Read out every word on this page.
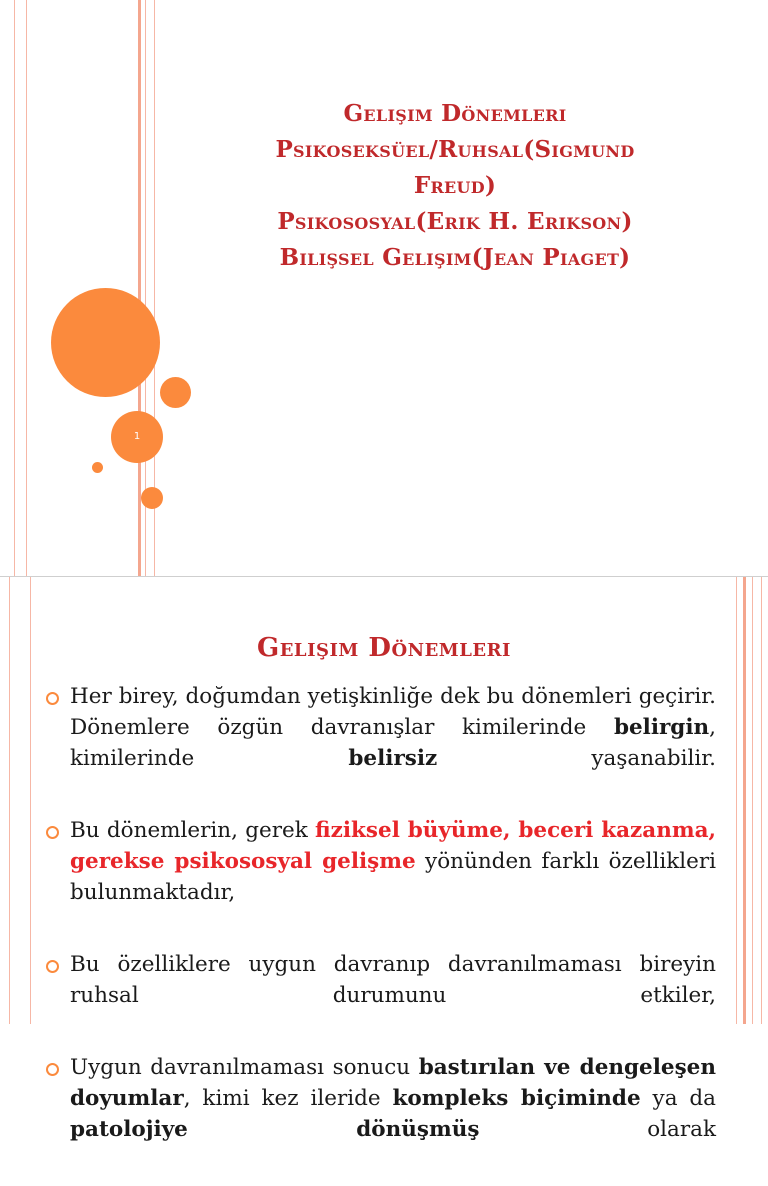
1
Gelişim Dönemleri
Psikoseksüel/Ruhsal(Sigmund
Freud)
Psikososyal(Erik H. Erikson)
Bilişsel Gelişim(Jean Piaget)
Gelişim Dönemleri
Her birey, doğumdan yetişkinliğe dek bu dönemleri geçirir. Dönemlere özgün davranışlar kimilerinde belirgin, kimilerinde belirsiz yaşanabilir.
Bu dönemlerin, gerek fiziksel büyüme, beceri kazanma, gerekse psikososyal gelişme yönünden farklı özellikleri bulunmaktadır,
Bu özelliklere uygun davranıp davranılmaması bireyin ruhsal durumunu etkiler,
Uygun davranılmaması sonucu bastırılan ve dengeleşen doyumlar, kimi kez ileride kompleks biçiminde ya da patolojiye dönüşmüş olarak
